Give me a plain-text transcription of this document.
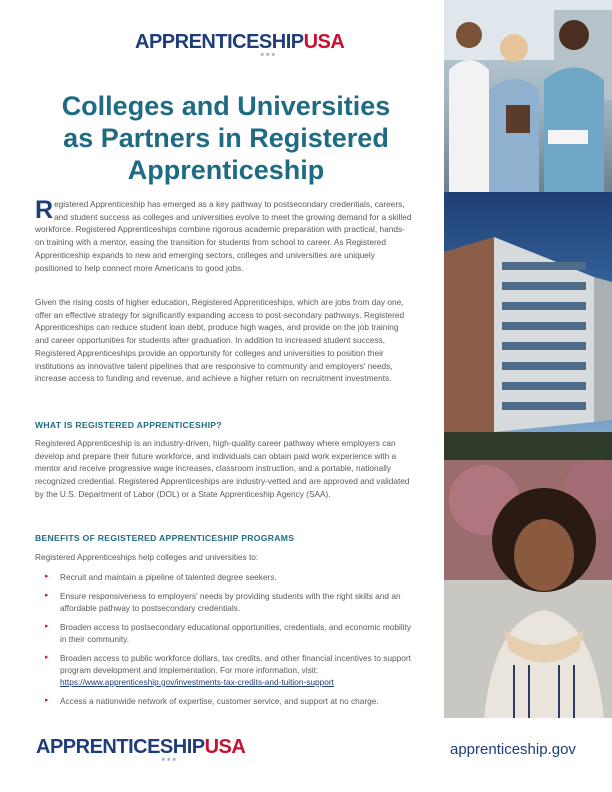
APPRENTICESHIPUSA
★★★
Colleges and Universities
as Partners in Registered
Apprenticeship
Registered Apprenticeship has emerged as a key pathway to postsecondary credentials, careers, and student success as colleges and universities evolve to meet the growing demand for a skilled workforce. Registered Apprenticeships combine rigorous academic preparation with practical, hands-on training with a mentor, easing the transition for students from school to career. As Registered Apprenticeship expands to new and emerging sectors, colleges and universities are uniquely positioned to help connect more Americans to good jobs.
Given the rising costs of higher education, Registered Apprenticeships, which are jobs from day one, offer an effective strategy for significantly expanding access to post-secondary pathways. Registered Apprenticeships can reduce student loan debt, produce high wages, and provide on the job training and career opportunities for students after graduation. In addition to increased student success, Registered Apprenticeships provide an opportunity for colleges and universities to position their institutions as innovative talent pipelines that are responsive to community and employers' needs, increase access to funding and revenue, and achieve a higher return on recruitment investments.
WHAT IS REGISTERED APPRENTICESHIP?
Registered Apprenticeship is an industry-driven, high-quality career pathway where employers can develop and prepare their future workforce, and individuals can obtain paid work experience with a mentor and receive progressive wage increases, classroom instruction, and a portable, nationally recognized credential. Registered Apprenticeships are industry-vetted and are approved and validated by the U.S. Department of Labor (DOL) or a State Apprenticeship Agency (SAA).
BENEFITS OF REGISTERED APPRENTICESHIP PROGRAMS
Registered Apprenticeships help colleges and universities to:
▸ Recruit and maintain a pipeline of talented degree seekers.
▸ Ensure responsiveness to employers' needs by providing students with the right skills and an affordable pathway to postsecondary credentials.
▸ Broaden access to postsecondary educational opportunities, credentials, and economic mobility in their community.
▸ Broaden access to public workforce dollars, tax credits, and other financial incentives to support program development and implementation. For more information, visit:
https://www.apprenticeship.gov/investments-tax-credits-and-tuition-support
▸ Access a nationwide network of expertise, customer service, and support at no charge.
APPRENTICESHIPUSA
★★★
apprenticeship.gov
